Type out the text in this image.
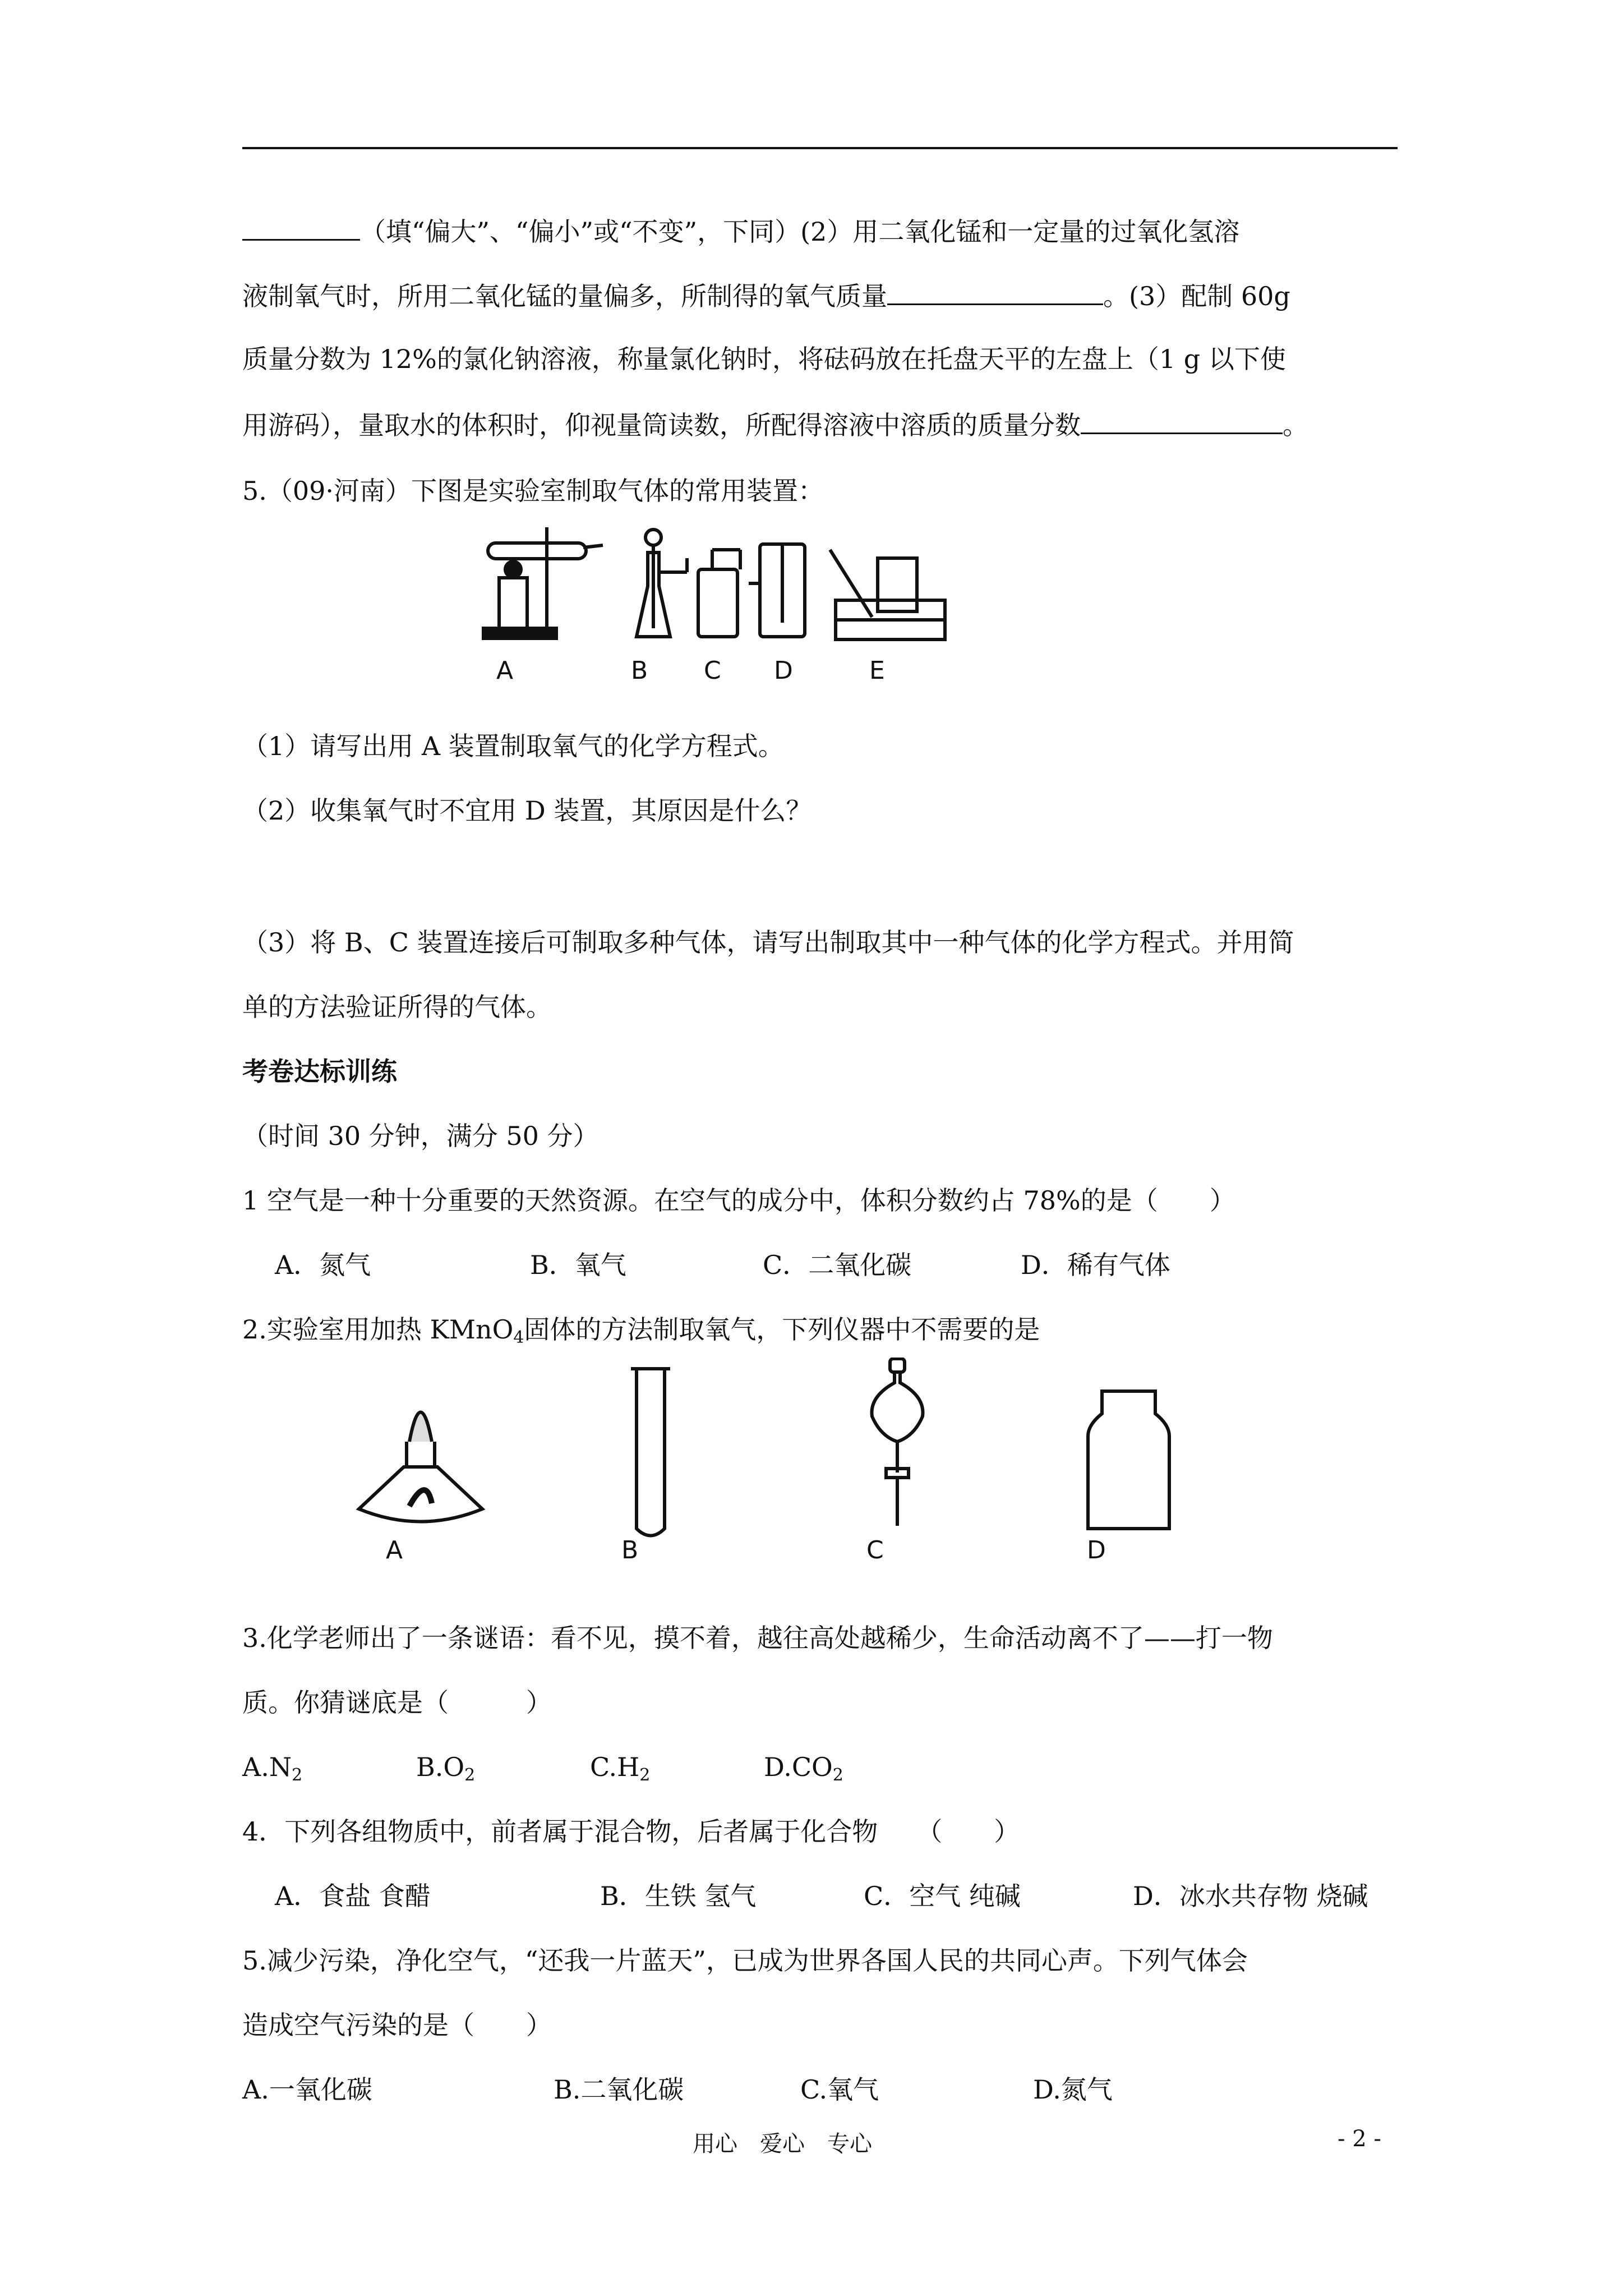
（填“偏大”、“偏小”或“不变”，下同）(2）用二氧化锰和一定量的过氧化氢溶
液制氧气时，所用二氧化锰的量偏多，所制得的氧气质量	。(3）配制 60g
质量分数为 12%的氯化钠溶液，称量氯化钠时，将砝码放在托盘天平的左盘上（1 g 以下使
用游码），量取水的体积时，仰视量筒读数，所配得溶液中溶质的质量分数	。
5.（09·河南）下图是实验室制取气体的常用装置：
A	B C D	E
（1）请写出用 A 装置制取氧气的化学方程式。
（2）收集氧气时不宜用 D 装置，其原因是什么？
（3）将 B、C 装置连接后可制取多种气体，请写出制取其中一种气体的化学方程式。并用简
单的方法验证所得的气体。
考卷达标训练
（时间 30 分钟，满分 50 分）
1 空气是一种十分重要的天然资源。在空气的成分中，体积分数约占 78%的是（　　）
A．氮气	B．氧气	C．二氧化碳	D．稀有气体
2.实验室用加热 KMnO$_4$固体的方法制取氧气，下列仪器中不需要的是
A	B	C	D
3.化学老师出了一条谜语：看不见，摸不着，越往高处越稀少，生命活动离不了——打一物
质。你猜谜底是（　　　）
$A.N_2$	$B.O_2$	$C.H_2$	$D.CO_2$
4．下列各组物质中，前者属于混合物，后者属于化合物　　（　　）
A．食盐 食醋	B．生铁 氢气	C．空气 纯碱	D．冰水共存物 烧碱
5.减少污染，净化空气，“还我一片蓝天”，已成为世界各国人民的共同心声。下列气体会
造成空气污染的是（　　）
A.一氧化碳	B.二氧化碳	C.氧气	D.氮气
用心　爱心　专心	- 2 -
